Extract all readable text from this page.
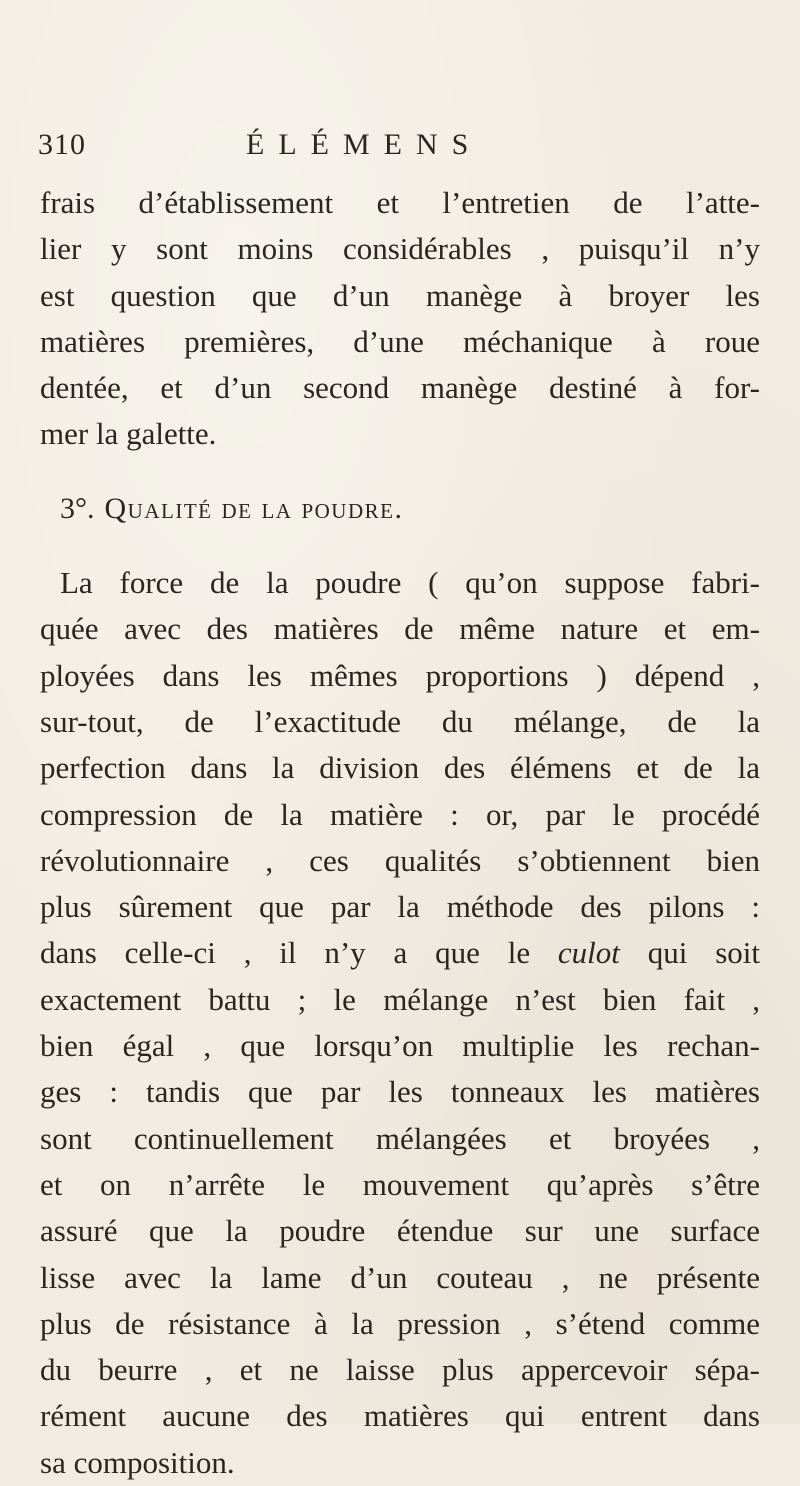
310	ÉLÉMENS
frais d’établissement et l’entretien de l’atte-
lier y sont moins considérables , puisqu’il n’y
est question que d’un manège à broyer les
matières premières, d’une méchanique à roue
dentée, et d’un second manège destiné à for-
mer la galette.
3°. Qualité de la poudre.
La force de la poudre ( qu’on suppose fabri-
quée avec des matières de même nature et em-
ployées dans les mêmes proportions ) dépend ,
sur-tout, de l’exactitude du mélange, de la
perfection dans la division des élémens et de la
compression de la matière : or, par le procédé
révolutionnaire , ces qualités s’obtiennent bien
plus sûrement que par la méthode des pilons :
dans celle-ci , il n’y a que le culot qui soit
exactement battu ; le mélange n’est bien fait ,
bien égal , que lorsqu’on multiplie les rechan-
ges : tandis que par les tonneaux les matières
sont continuellement mélangées et broyées ,
et on n’arrête le mouvement qu’après s’être
assuré que la poudre étendue sur une surface
lisse avec la lame d’un couteau , ne présente
plus de résistance à la pression , s’étend comme
du beurre , et ne laisse plus appercevoir sépa-
rément aucune des matières qui entrent dans
sa composition.
